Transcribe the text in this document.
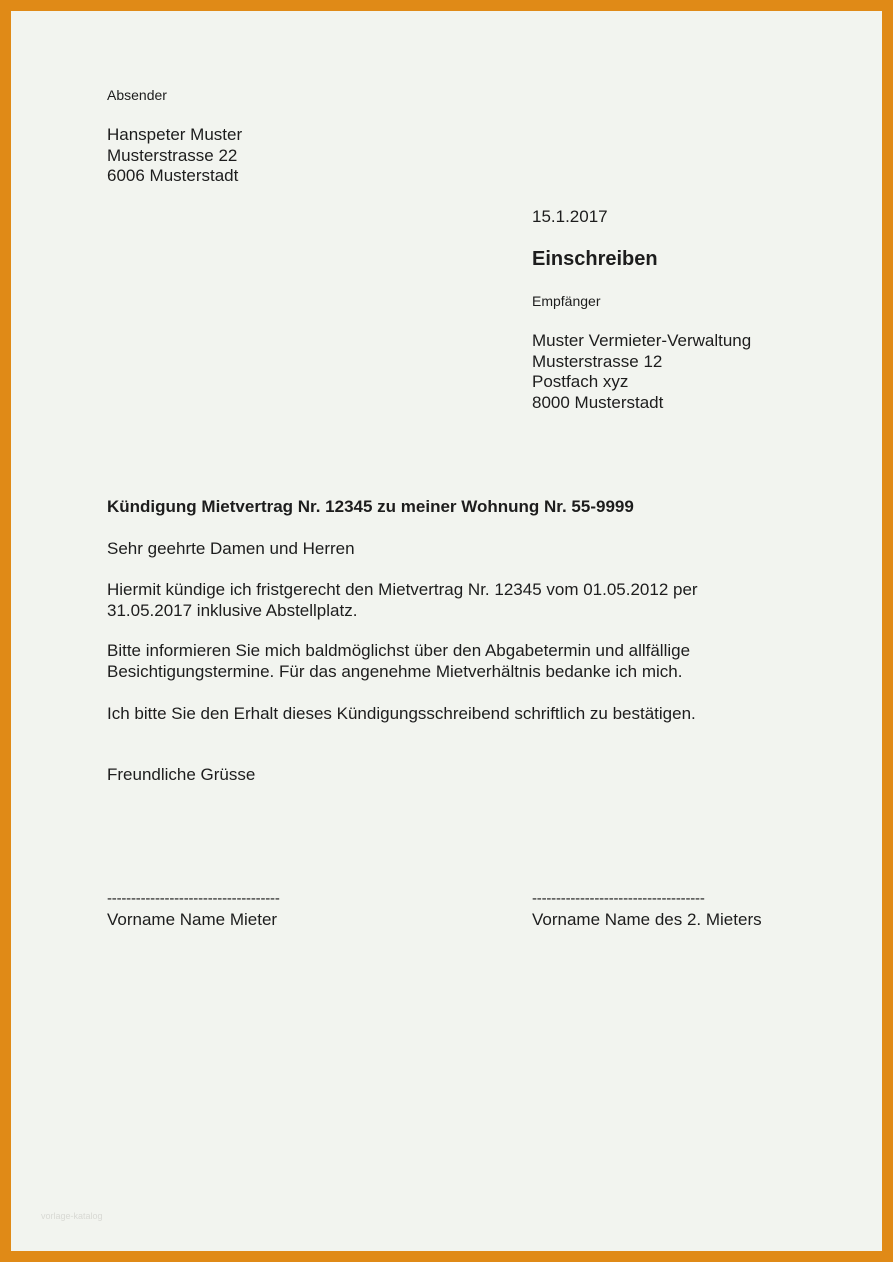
Absender
Hanspeter Muster
Musterstrasse 22
6006 Musterstadt
15.1.2017
Einschreiben
Empfänger
Muster Vermieter-Verwaltung
Musterstrasse 12
Postfach xyz
8000 Musterstadt
Kündigung Mietvertrag Nr. 12345 zu meiner Wohnung Nr. 55-9999
Sehr geehrte Damen und Herren
Hiermit kündige ich fristgerecht den Mietvertrag Nr. 12345 vom 01.05.2012 per
31.05.2017 inklusive Abstellplatz.
Bitte informieren Sie mich baldmöglichst über den Abgabetermin und allfällige
Besichtigungstermine. Für das angenehme Mietverhältnis bedanke ich mich.
Ich bitte Sie den Erhalt dieses Kündigungsschreibend schriftlich zu bestätigen.
Freundliche Grüsse
------------------------------------
Vorname Name Mieter
------------------------------------
Vorname Name des 2. Mieters
vorlage-katalog
